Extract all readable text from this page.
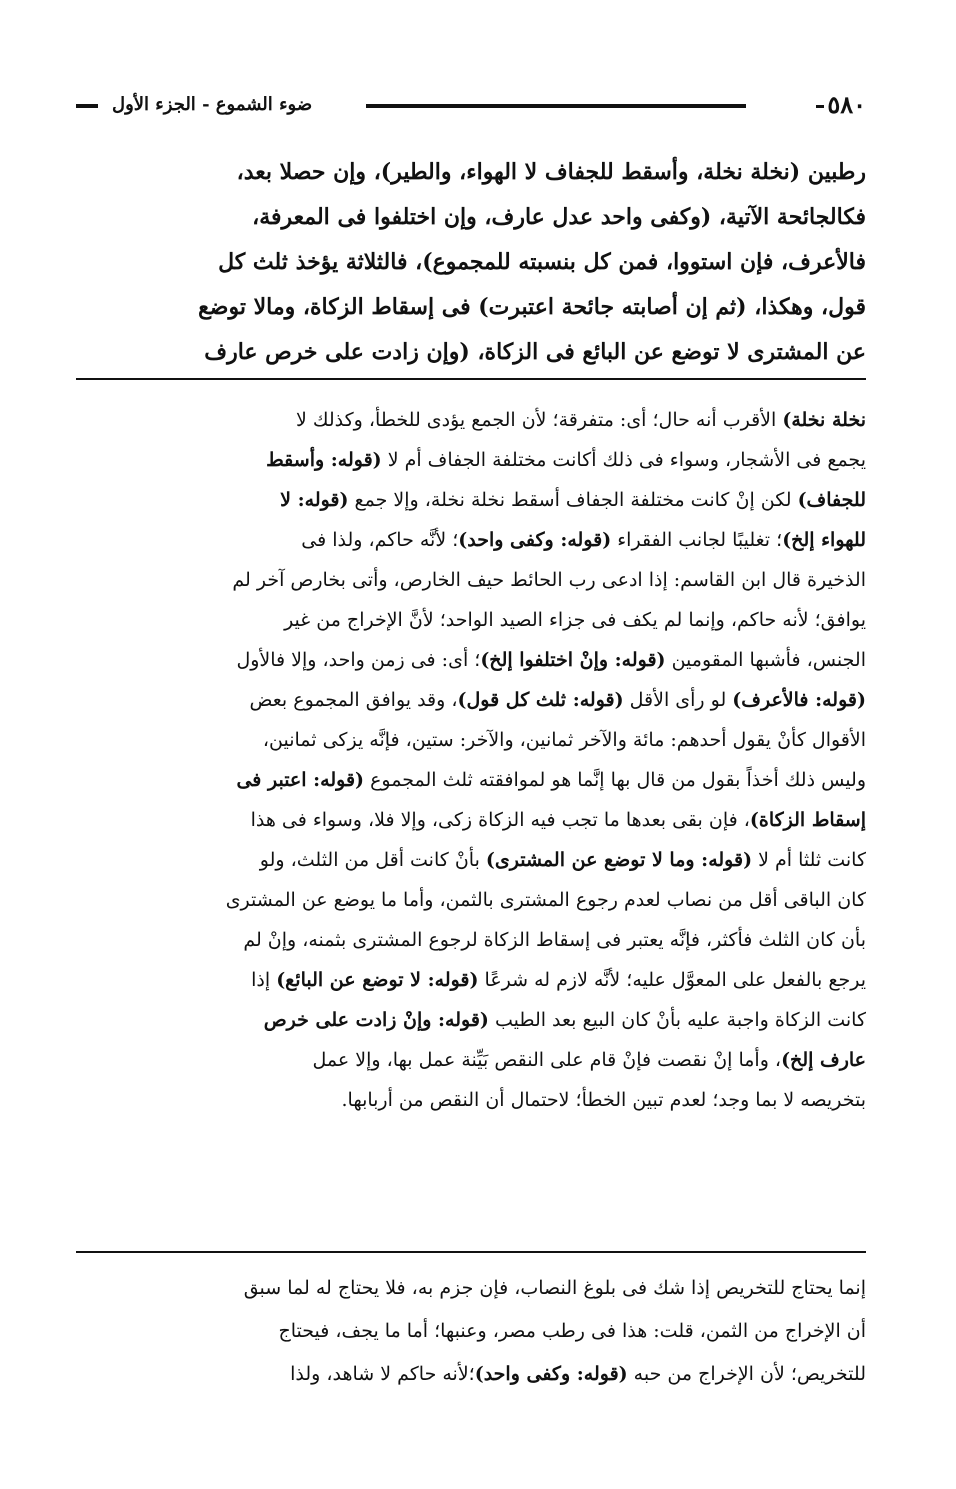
٥٨٠
ضوء الشموع - الجزء الأول
رطبين (نخلة نخلة، وأسقط للجفاف لا الهواء، والطير)، وإن حصلا بعد،
فكالجائحة الآتية، (وكفى واحد عدل عارف، وإن اختلفوا فى المعرفة،
فالأعرف، فإن استووا، فمن كل بنسبته للمجموع)، فالثلاثة يؤخذ ثلث كل
قول، وهكذا، (ثم إن أصابته جائحة اعتبرت) فى إسقاط الزكاة، ومالا توضع
عن المشترى لا توضع عن البائع فى الزكاة، (وإن زادت على خرص عارف
نخلة نخلة) الأقرب أنه حال؛ أى: متفرقة؛ لأن الجمع يؤدى للخطأ، وكذلك لا
يجمع فى الأشجار، وسواء فى ذلك أكانت مختلفة الجفاف أم لا (قوله: وأسقط
للجفاف) لكن إنْ كانت مختلفة الجفاف أسقط نخلة نخلة، وإلا جمع (قوله: لا
للهواء إلخ)؛ تغليبًا لجانب الفقراء (قوله: وكفى واحد)؛ لأنَّه حاكم، ولذا فى
الذخيرة قال ابن القاسم: إذا ادعى رب الحائط حيف الخارص، وأتى بخارص آخر لم
يوافق؛ لأنه حاكم، وإنما لم يكف فى جزاء الصيد الواحد؛ لأنَّ الإخراج من غير
الجنس، فأشبها المقومين (قوله: وإنْ اختلفوا إلخ)؛ أى: فى زمن واحد، وإلا فالأول
(قوله: فالأعرف) لو رأى الأقل (قوله: ثلث كل قول)، وقد يوافق المجموع بعض
الأقوال كأنْ يقول أحدهم: مائة والآخر ثمانين، والآخر: ستين، فإنَّه يزكى ثمانين،
وليس ذلك أخذاً بقول من قال بها إنَّما هو لموافقته ثلث المجموع (قوله: اعتبر فى
إسقاط الزكاة)، فإن بقى بعدها ما تجب فيه الزكاة زكى، وإلا فلا، وسواء فى هذا
كانت ثلثا أم لا (قوله: وما لا توضع عن المشترى) بأنْ كانت أقل من الثلث، ولو
كان الباقى أقل من نصاب لعدم رجوع المشترى بالثمن، وأما ما يوضع عن المشترى
بأن كان الثلث فأكثر، فإنَّه يعتبر فى إسقاط الزكاة لرجوع المشترى بثمنه، وإنْ لم
يرجع بالفعل على المعوَّل عليه؛ لأنَّه لازم له شرعًا (قوله: لا توضع عن البائع) إذا
كانت الزكاة واجبة عليه بأنْ كان البيع بعد الطيب (قوله: وإنْ زادت على خرص
عارف إلخ)، وأما إنْ نقصت فإنْ قام على النقص بَيِّنة عمل بها، وإلا عمل
بتخريصه لا بما وجد؛ لعدم تبين الخطأ؛ لاحتمال أن النقص من أربابها.
إنما يحتاج للتخريص إذا شك فى بلوغ النصاب، فإن جزم به، فلا يحتاج له لما سبق
أن الإخراج من الثمن، قلت: هذا فى رطب مصر، وعنبها؛ أما ما يجف، فيحتاج
للتخريص؛ لأن الإخراج من حبه (قوله: وكفى واحد)؛لأنه حاكم لا شاهد، ولذا
